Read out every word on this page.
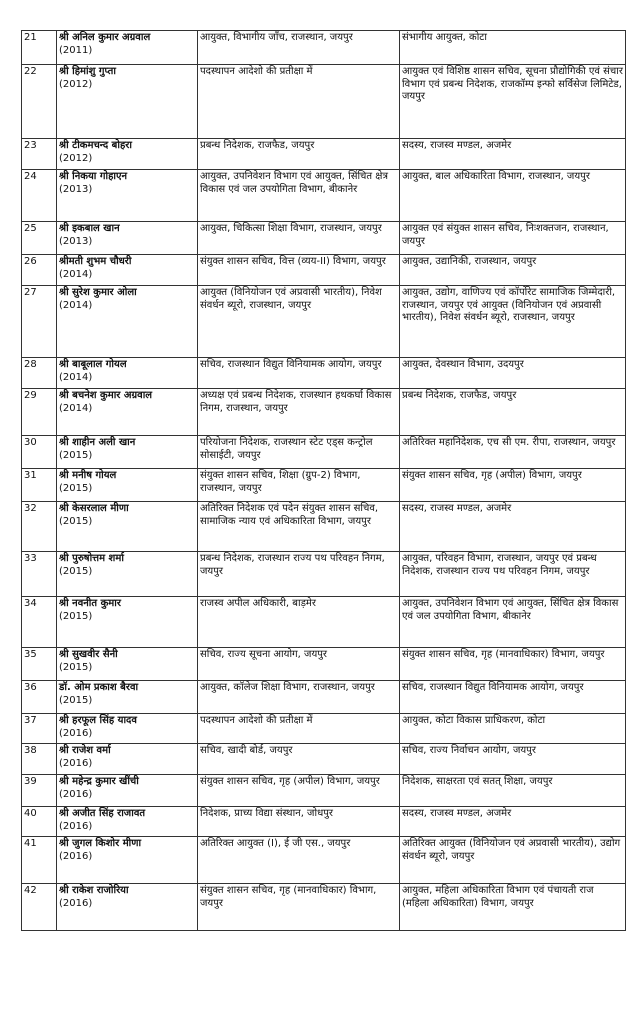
21	श्री अनिल कुमार अग्रवाल
(2011)	आयुक्त, विभागीय जाँच, राजस्थान, जयपुर	संभागीय आयुक्त, कोटा
22	श्री हिमांशु गुप्ता
(2012)	पदस्थापन आदेशो की प्रतीक्षा में	आयुक्त एवं विशिष्ठ शासन सचिव, सूचना प्रौद्योगिकी एवं संचार विभाग एवं प्रबन्ध निदेशक, राजकॉम्प इन्फो सर्विसेज लिमिटेड, जयपुर
23	श्री टीकमचन्द बोहरा
(2012)	प्रबन्ध निदेशक, राजफैड, जयपुर	सदस्य, राजस्व मण्डल, अजमेर
24	श्री निकया गोहाएन
(2013)	आयुक्त, उपनिवेशन विभाग एवं आयुक्त, सिंचित क्षेत्र विकास एवं जल उपयोगिता विभाग, बीकानेर	आयुक्त, बाल अधिकारिता विभाग, राजस्थान, जयपुर
25	श्री इकबाल खान
(2013)	आयुक्त, चिकित्सा शिक्षा विभाग, राजस्थान, जयपुर	आयुक्त एवं संयुक्त शासन सचिव, निःशक्तजन, राजस्थान, जयपुर
26	श्रीमती शुभम चौधरी
(2014)	संयुक्त शासन सचिव, वित्त (व्यय-II) विभाग, जयपुर	आयुक्त, उद्यानिकी, राजस्थान, जयपुर
27	श्री सुरेश कुमार ओला
(2014)	आयुक्त (विनियोजन एवं अप्रवासी भारतीय), निवेश संवर्धन ब्यूरो, राजस्थान, जयपुर	आयुक्त, उद्योग, वाणिज्य एवं कॉर्पोरेट सामाजिक जिम्मेदारी, राजस्थान, जयपुर एवं आयुक्त (विनियोजन एवं अप्रवासी भारतीय), निवेश संवर्धन ब्यूरो, राजस्थान, जयपुर
28	श्री बाबूलाल गोयल
(2014)	सचिव, राजस्थान विद्युत विनियामक आयोग, जयपुर	आयुक्त, देवस्थान विभाग, उदयपुर
29	श्री बचनेश कुमार अग्रवाल
(2014)	अध्यक्ष एवं प्रबन्ध निदेशक, राजस्थान हथकर्घा विकास निगम, राजस्थान, जयपुर	प्रबन्ध निदेशक, राजफैड, जयपुर
30	श्री शाहीन अली खान
(2015)	परियोजना निदेशक, राजस्थान स्टेट एड्स कन्ट्रोल सोसाईटी, जयपुर	अतिरिक्त महानिदेशक, एच सी एम. रीपा, राजस्थान, जयपुर
31	श्री मनीष गोयल
(2015)	संयुक्त शासन सचिव, शिक्षा (ग्रुप-2) विभाग, राजस्थान, जयपुर	संयुक्त शासन सचिव, गृह (अपील) विभाग, जयपुर
32	श्री केसरलाल मीणा
(2015)	अतिरिक्त निदेशक एवं पदेन संयुक्त शासन सचिव, सामाजिक न्याय एवं अधिकारिता विभाग, जयपुर	सदस्य, राजस्व मण्डल, अजमेर
33	श्री पुरुषोत्तम शर्मा
(2015)	प्रबन्ध निदेशक, राजस्थान राज्य पथ परिवहन निगम, जयपुर	आयुक्त, परिवहन विभाग, राजस्थान, जयपुर एवं प्रबन्ध निदेशक, राजस्थान राज्य पथ परिवहन निगम, जयपुर
34	श्री नवनीत कुमार
(2015)	राजस्व अपील अधिकारी, बाड़मेर	आयुक्त, उपनिवेशन विभाग एवं आयुक्त, सिंचित क्षेत्र विकास एवं जल उपयोगिता विभाग, बीकानेर
35	श्री सुखवीर सैनी
(2015)	सचिव, राज्य सूचना आयोग, जयपुर	संयुक्त शासन सचिव, गृह (मानवाधिकार) विभाग, जयपुर
36	डॉ. ओम प्रकाश बैरवा
(2015)	आयुक्त, कॉलेज शिक्षा विभाग, राजस्थान, जयपुर	सचिव, राजस्थान विद्युत विनियामक आयोग, जयपुर
37	श्री हरफूल सिंह यादव
(2016)	पदस्थापन आदेशो की प्रतीक्षा में	आयुक्त, कोटा विकास प्राधिकरण, कोटा
38	श्री राजेश वर्मा
(2016)	सचिव, खादी बोर्ड, जयपुर	सचिव, राज्य निर्वाचन आयोग, जयपुर
39	श्री महेन्द्र कुमार खींची
(2016)	संयुक्त शासन सचिव, गृह (अपील) विभाग, जयपुर	निदेशक, साक्षरता एवं सतत् शिक्षा, जयपुर
40	श्री अजीत सिंह राजावत
(2016)	निदेशक, प्राच्य विद्या संस्थान, जोधपुर	सदस्य, राजस्व मण्डल, अजमेर
41	श्री जुगल किशोर मीणा
(2016)	अतिरिक्त आयुक्त (I), ई जी एस., जयपुर	अतिरिक्त आयुक्त (विनियोजन एवं अप्रवासी भारतीय), उद्योग संवर्धन ब्यूरो, जयपुर
42	श्री राकेश राजोरिया
(2016)	संयुक्त शासन सचिव, गृह (मानवाधिकार) विभाग, जयपुर	आयुक्त, महिला अधिकारिता विभाग एवं पंचायती राज (महिला अधिकारिता) विभाग, जयपुर
